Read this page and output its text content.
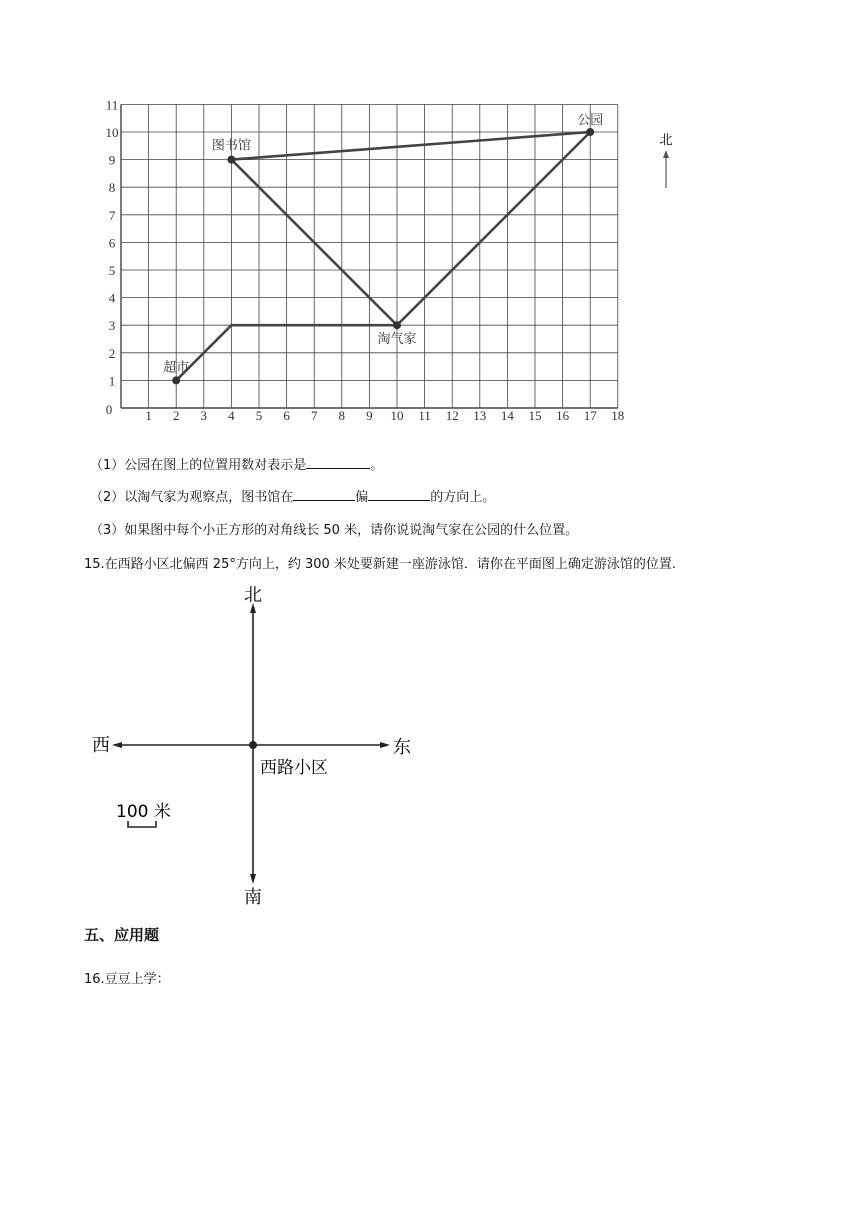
0	1 2 3 4 5 6 7 8 9 10 11 12 13 14 15 16 17 18
1
2
3
4
5
6
7
8
9
10
11
图书馆
公园
淘气家
超市
北
（1）公园在图上的位置用数对表示是	。
（2）以淘气家为观察点，图书馆在	偏	的方向上。
（3）如果图中每个小正方形的对角线长 50 米，请你说说淘气家在公园的什么位置。
15.在西路小区北偏西 25°方向上，约 300 米处要新建一座游泳馆．请你在平面图上确定游泳馆的位置.
北
南
东
西
西路小区
100 米
五、应用题
16.豆豆上学：
